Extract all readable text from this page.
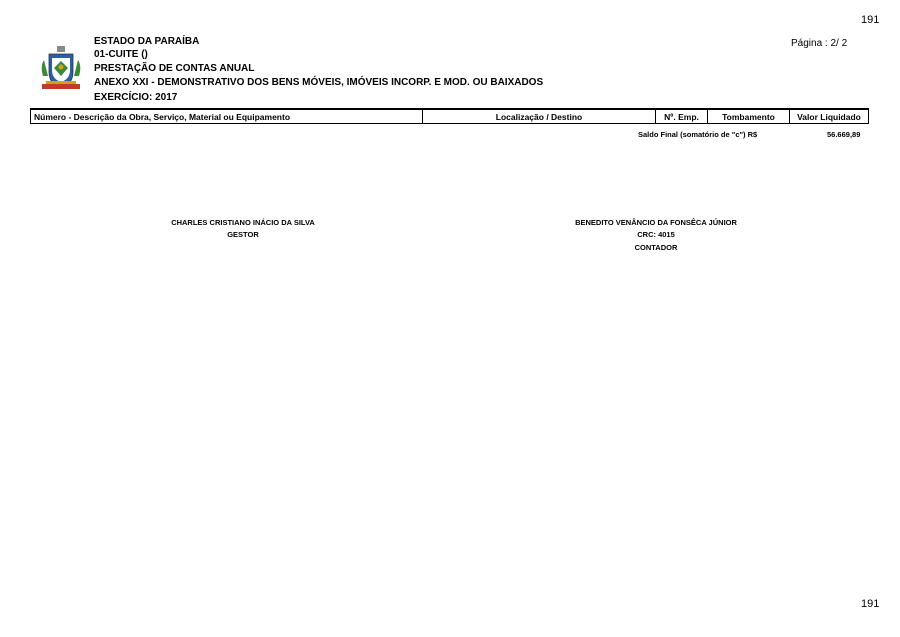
191
Página : 2/ 2
ESTADO DA PARAÍBA
01-CUITE ()
PRESTAÇÃO DE CONTAS ANUAL
ANEXO XXI - DEMONSTRATIVO DOS BENS MÓVEIS, IMÓVEIS INCORP. E MOD. OU BAIXADOS
EXERCÍCIO: 2017
Número - Descrição da Obra, Serviço, Material ou Equipamento	Localização / Destino	Nº. Emp.	Tombamento	Valor Liquidado
Saldo Final (somatório de "c") R$	56.669,89
CHARLES CRISTIANO INÁCIO DA SILVA
GESTOR
BENEDITO VENÂNCIO DA FONSÊCA JÚNIOR
CRC: 4015
CONTADOR
191
